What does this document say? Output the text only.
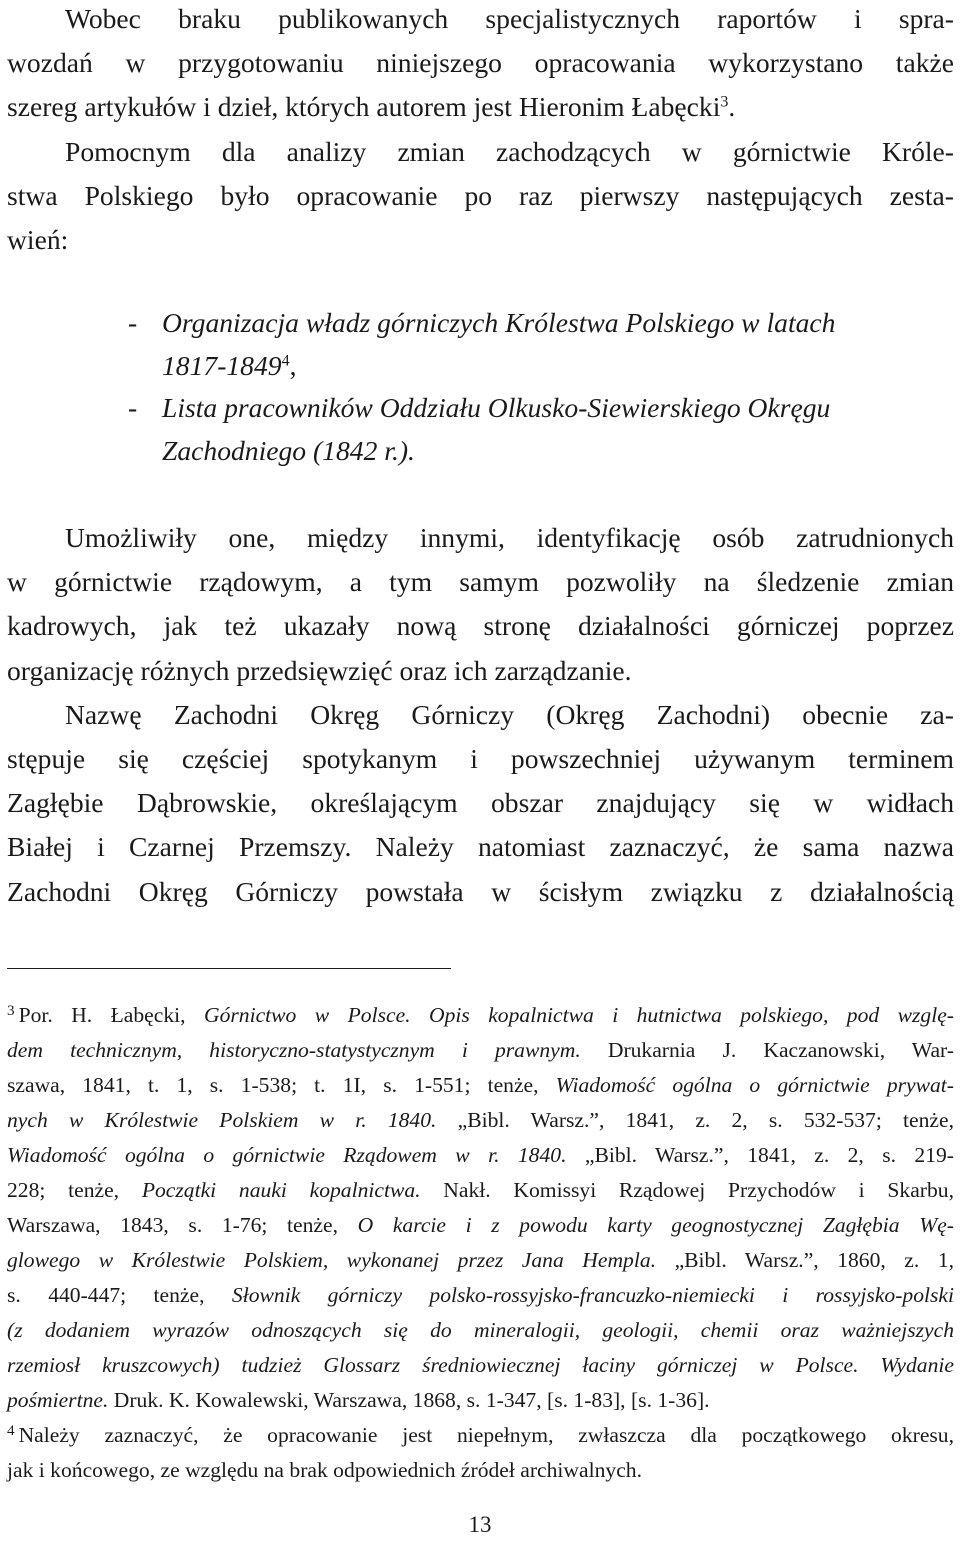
Wobec braku publikowanych specjalistycznych raportów i spra-
wozdań w przygotowaniu niniejszego opracowania wykorzystano także
szereg artykułów i dzieł, których autorem jest Hieronim Łabęcki$^3$.
Pomocnym dla analizy zmian zachodzących w górnictwie Króle-
stwa Polskiego było opracowanie po raz pierwszy następujących zesta-
wień:
- Organizacja władz górniczych Królestwa Polskiego w latach
1817-1849$^4$,
- Lista pracowników Oddziału Olkusko-Siewierskiego Okręgu
Zachodniego (1842 r.).
Umożliwiły one, między innymi, identyfikację osób zatrudnionych
w górnictwie rządowym, a tym samym pozwoliły na śledzenie zmian
kadrowych, jak też ukazały nową stronę działalności górniczej poprzez
organizację różnych przedsięwzięć oraz ich zarządzanie.
Nazwę Zachodni Okręg Górniczy (Okręg Zachodni) obecnie za-
stępuje się częściej spotykanym i powszechniej używanym terminem
Zagłębie Dąbrowskie, określającym obszar znajdujący się w widłach
Białej i Czarnej Przemszy. Należy natomiast zaznaczyć, że sama nazwa
Zachodni Okręg Górniczy powstała w ścisłym związku z działalnością
$^3$ Por. H. Łabęcki, Górnictwo w Polsce. Opis kopalnictwa i hutnictwa polskiego, pod wzglę-
dem technicznym, historyczno-statystycznym i prawnym. Drukarnia J. Kaczanowski, War-
szawa, 1841, t. 1, s. 1-538; t. 1I, s. 1-551; tenże, Wiadomość ogólna o górnictwie prywat-
nych w Królestwie Polskiem w r. 1840. „Bibl. Warsz.”, 1841, z. 2, s. 532-537; tenże,
Wiadomość ogólna o górnictwie Rządowem w r. 1840. „Bibl. Warsz.”, 1841, z. 2, s. 219-
228; tenże, Początki nauki kopalnictwa. Nakł. Komissyi Rządowej Przychodów i Skarbu,
Warszawa, 1843, s. 1-76; tenże, O karcie i z powodu karty geognostycznej Zagłębia Wę-
glowego w Królestwie Polskiem, wykonanej przez Jana Hempla. „Bibl. Warsz.”, 1860, z. 1,
s. 440-447; tenże, Słownik górniczy polsko-rossyjsko-francuzko-niemiecki i rossyjsko-polski
(z dodaniem wyrazów odnoszących się do mineralogii, geologii, chemii oraz ważniejszych
rzemiosł kruszcowych) tudzież Glossarz średniowiecznej łaciny górniczej w Polsce. Wydanie
pośmiertne. Druk. K. Kowalewski, Warszawa, 1868, s. 1-347, [s. 1-83], [s. 1-36].
$^4$ Należy zaznaczyć, że opracowanie jest niepełnym, zwłaszcza dla początkowego okresu,
jak i końcowego, ze względu na brak odpowiednich źródeł archiwalnych.
13
